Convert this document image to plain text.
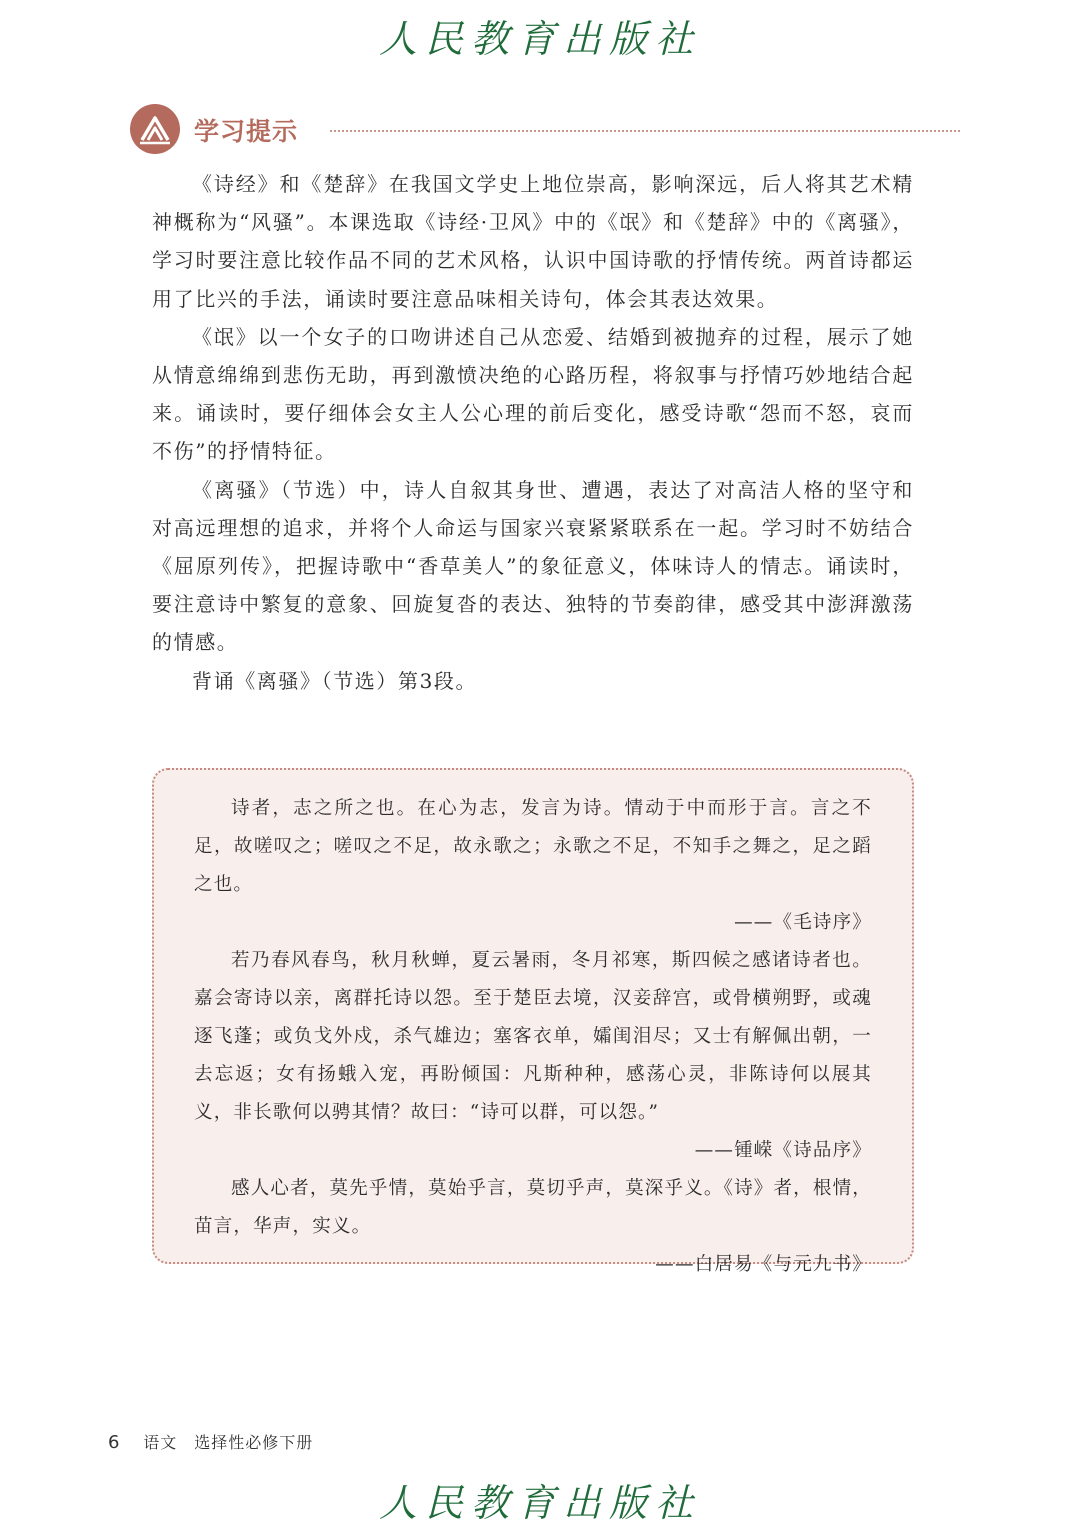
人民教育出版社
学习提示

《诗经》和《楚辞》在我国文学史上地位崇高，影响深远，后人将其艺术精神概称为“风骚”。本课选取《诗经·卫风》中的《氓》和《楚辞》中的《离骚》，学习时要注意比较作品不同的艺术风格，认识中国诗歌的抒情传统。两首诗都运用了比兴的手法，诵读时要注意品味相关诗句，体会其表达效果。

《氓》以一个女子的口吻讲述自己从恋爱、结婚到被抛弃的过程，展示了她从情意绵绵到悲伤无助，再到激愤决绝的心路历程，将叙事与抒情巧妙地结合起来。诵读时，要仔细体会女主人公心理的前后变化，感受诗歌“怨而不怒，哀而不伤”的抒情特征。

《离骚》（节选）中，诗人自叙其身世、遭遇，表达了对高洁人格的坚守和对高远理想的追求，并将个人命运与国家兴衰紧紧联系在一起。学习时不妨结合《屈原列传》，把握诗歌中“香草美人”的象征意义，体味诗人的情志。诵读时，要注意诗中繁复的意象、回旋复沓的表达、独特的节奏韵律，感受其中澎湃激荡的情感。

背诵《离骚》（节选）第3段。

诗者，志之所之也。在心为志，发言为诗。情动于中而形于言。言之不足，故嗟叹之；嗟叹之不足，故永歌之；永歌之不足，不知手之舞之，足之蹈之也。

——《毛诗序》

若乃春风春鸟，秋月秋蝉，夏云暑雨，冬月祁寒，斯四候之感诸诗者也。嘉会寄诗以亲，离群托诗以怨。至于楚臣去境，汉妾辞宫，或骨横朔野，或魂逐飞蓬；或负戈外戍，杀气雄边；塞客衣单，孀闺泪尽；又士有解佩出朝，一去忘返；女有扬蛾入宠，再盼倾国：凡斯种种，感荡心灵，非陈诗何以展其义，非长歌何以骋其情？故曰：“诗可以群，可以怨。”

——锺嵘《诗品序》

感人心者，莫先乎情，莫始乎言，莫切乎声，莫深乎义。《诗》者，根情，苗言，华声，实义。

——白居易《与元九书》

6 语文　选择性必修下册
人民教育出版社
